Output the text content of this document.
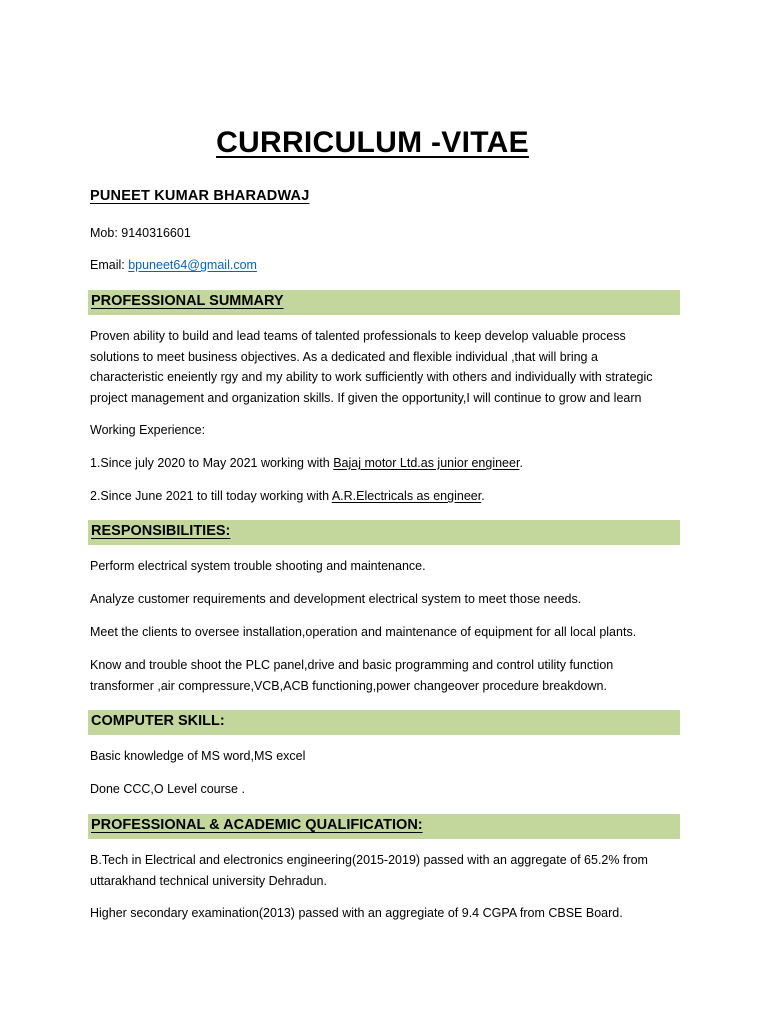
CURRICULUM -VITAE
PUNEET KUMAR BHARADWAJ
Mob: 9140316601
Email: bpuneet64@gmail.com
PROFESSIONAL SUMMARY
Proven ability to build and lead teams of talented professionals to keep develop valuable process
solutions to meet business objectives. As a dedicated and flexible individual ,that will bring a
characteristic eneiently rgy and my ability to work sufficiently with others and individually with strategic
project management and organization skills. If given the opportunity,I will continue to grow and learn
Working Experience:
1.Since july 2020 to May 2021 working with Bajaj motor Ltd.as junior engineer.
2.Since June 2021 to till today working with A.R.Electricals as engineer.
RESPONSIBILITIES:
Perform electrical system trouble shooting and maintenance.
Analyze customer requirements and development electrical system to meet those needs.
Meet the clients to oversee installation,operation and maintenance of equipment for all local plants.
Know and trouble shoot the PLC panel,drive and basic programming and control utility function
transformer ,air compressure,VCB,ACB functioning,power changeover procedure breakdown.
COMPUTER SKILL:
Basic knowledge of MS word,MS excel
Done CCC,O Level course .
PROFESSIONAL & ACADEMIC QUALIFICATION:
B.Tech in Electrical and electronics engineering(2015-2019) passed with an aggregate of 65.2% from
uttarakhand technical university Dehradun.
Higher secondary examination(2013) passed with an aggregiate of 9.4 CGPA from CBSE Board.
